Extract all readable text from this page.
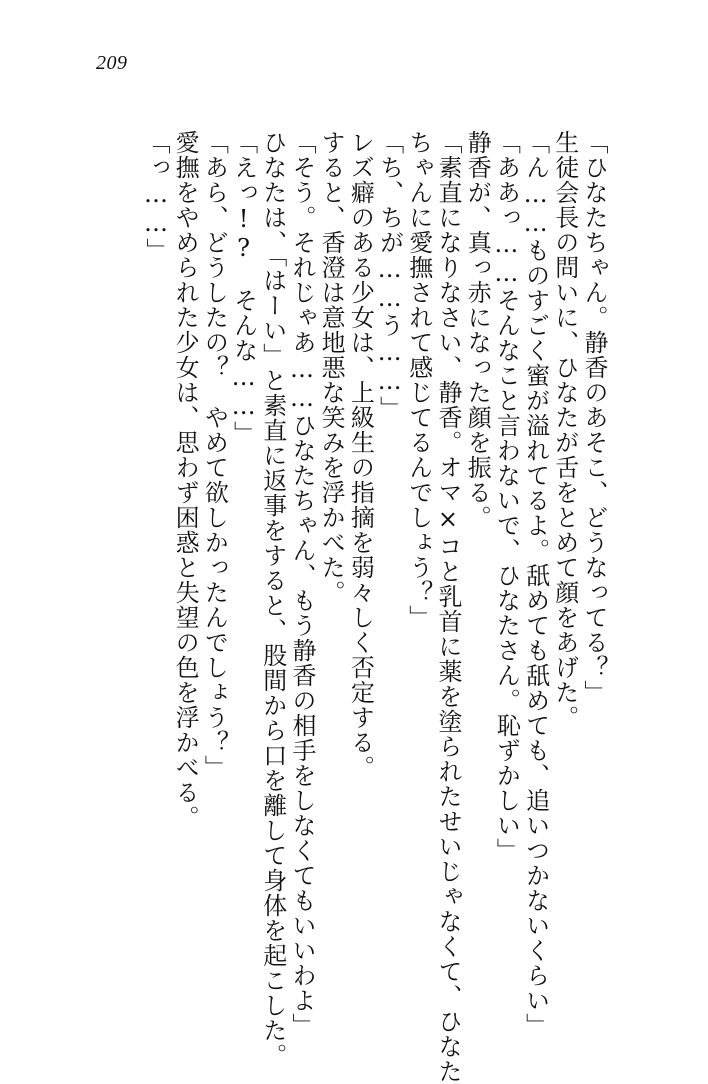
209
「ひなたちゃん。静香のあそこ、どうなってる？」
生徒会長の問いに、ひなたが舌をとめて顔をあげた。
「ん……ものすごく蜜が溢れてるよ。舐めても舐めても、追いつかないくらい」
「ああっ……そんなこと言わないで、ひなたさん。恥ずかしい」
静香が、真っ赤になった顔を振る。
「素直になりなさい、静香。オマ×コと乳首に薬を塗られたせいじゃなくて、ひなた
ちゃんに愛撫されて感じてるんでしょう？」
「ち、ちが……う……」
レズ癖のある少女は、上級生の指摘を弱々しく否定する。
すると、香澄は意地悪な笑みを浮かべた。
「そう。それじゃあ……ひなたちゃん、もう静香の相手をしなくてもいいわよ」
ひなたは、「はーい」と素直に返事をすると、股間から口を離して身体を起こした。
「えっ!?　そんな……」
「あら、どうしたの？　やめて欲しかったんでしょう？」
愛撫をやめられた少女は、思わず困惑と失望の色を浮かべる。
「っ……」
